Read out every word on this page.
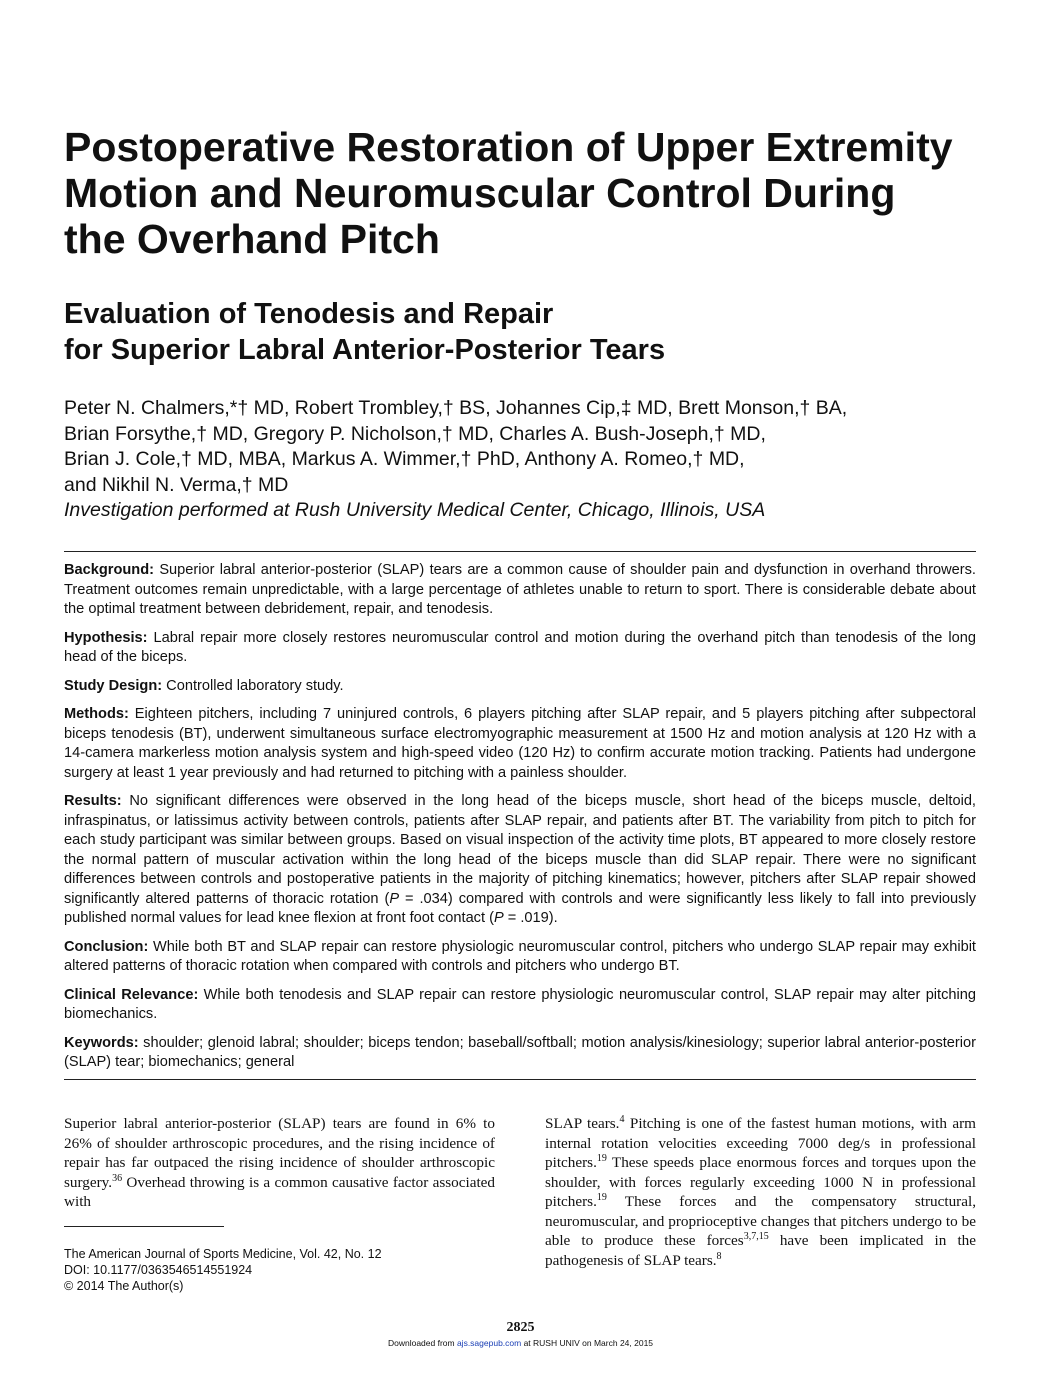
Postoperative Restoration of Upper Extremity Motion and Neuromuscular Control During the Overhand Pitch
Evaluation of Tenodesis and Repair
for Superior Labral Anterior-Posterior Tears
Peter N. Chalmers,*† MD, Robert Trombley,† BS, Johannes Cip,‡ MD, Brett Monson,† BA,
Brian Forsythe,† MD, Gregory P. Nicholson,† MD, Charles A. Bush-Joseph,† MD,
Brian J. Cole,† MD, MBA, Markus A. Wimmer,† PhD, Anthony A. Romeo,† MD,
and Nikhil N. Verma,† MD

Investigation performed at Rush University Medical Center, Chicago, Illinois, USA

Background: Superior labral anterior-posterior (SLAP) tears are a common cause of shoulder pain and dysfunction in overhand throwers. Treatment outcomes remain unpredictable, with a large percentage of athletes unable to return to sport. There is considerable debate about the optimal treatment between debridement, repair, and tenodesis.

Hypothesis: Labral repair more closely restores neuromuscular control and motion during the overhand pitch than tenodesis of the long head of the biceps.

Study Design: Controlled laboratory study.

Methods: Eighteen pitchers, including 7 uninjured controls, 6 players pitching after SLAP repair, and 5 players pitching after subpectoral biceps tenodesis (BT), underwent simultaneous surface electromyographic measurement at 1500 Hz and motion analysis at 120 Hz with a 14-camera markerless motion analysis system and high-speed video (120 Hz) to confirm accurate motion tracking. Patients had undergone surgery at least 1 year previously and had returned to pitching with a painless shoulder.

Results: No significant differences were observed in the long head of the biceps muscle, short head of the biceps muscle, deltoid, infraspinatus, or latissimus activity between controls, patients after SLAP repair, and patients after BT. The variability from pitch to pitch for each study participant was similar between groups. Based on visual inspection of the activity time plots, BT appeared to more closely restore the normal pattern of muscular activation within the long head of the biceps muscle than did SLAP repair. There were no significant differences between controls and postoperative patients in the majority of pitching kinematics; however, pitchers after SLAP repair showed significantly altered patterns of thoracic rotation (P = .034) compared with controls and were significantly less likely to fall into previously published normal values for lead knee flexion at front foot contact (P = .019).

Conclusion: While both BT and SLAP repair can restore physiologic neuromuscular control, pitchers who undergo SLAP repair may exhibit altered patterns of thoracic rotation when compared with controls and pitchers who undergo BT.

Clinical Relevance: While both tenodesis and SLAP repair can restore physiologic neuromuscular control, SLAP repair may alter pitching biomechanics.

Keywords: shoulder; glenoid labral; shoulder; biceps tendon; baseball/softball; motion analysis/kinesiology; superior labral anterior-posterior (SLAP) tear; biomechanics; general

Superior labral anterior-posterior (SLAP) tears are found in 6% to 26% of shoulder arthroscopic procedures, and the rising incidence of repair has far outpaced the rising incidence of shoulder arthroscopic surgery.$^{36}$ Overhead throwing is a common causative factor associated with

SLAP tears.$^4$ Pitching is one of the fastest human motions, with arm internal rotation velocities exceeding 7000 deg/s in professional pitchers.$^{19}$ These speeds place enormous forces and torques upon the shoulder, with forces regularly exceeding 1000 N in professional pitchers.$^{19}$ These forces and the compensatory structural, neuromuscular, and proprioceptive changes that pitchers undergo to be able to produce these forces$^{3,7,15}$ have been implicated in the pathogenesis of SLAP tears.$^8$

The American Journal of Sports Medicine, Vol. 42, No. 12
DOI: 10.1177/0363546514551924
© 2014 The Author(s)
2825
Downloaded from ajs.sagepub.com at RUSH UNIV on March 24, 2015
